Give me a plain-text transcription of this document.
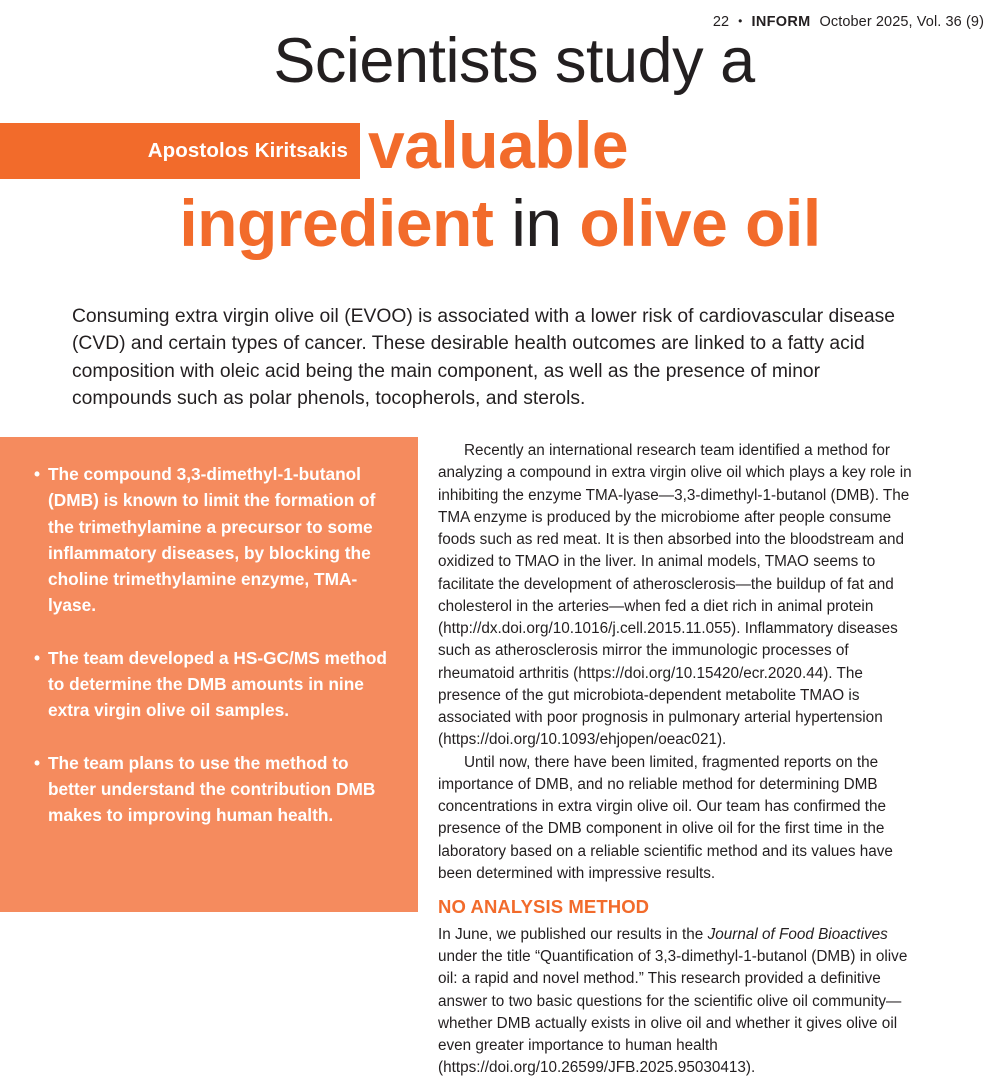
22 • INFORM October 2025, Vol. 36 (9)
Scientists study a
Apostolos Kiritsakis valuable
ingredient in olive oil
Consuming extra virgin olive oil (EVOO) is associated with a lower risk of cardiovascular disease (CVD) and certain types of cancer. These desirable health outcomes are linked to a fatty acid composition with oleic acid being the main component, as well as the presence of minor compounds such as polar phenols, tocopherols, and sterols.
• The compound 3,3-dimethyl-1-butanol (DMB) is known to limit the formation of the trimethylamine a precursor to some inflammatory diseases, by blocking the choline trimethylamine enzyme, TMA-lyase.
• The team developed a HS-GC/MS method to determine the DMB amounts in nine extra virgin olive oil samples.
• The team plans to use the method to better understand the contribution DMB makes to improving human health.

Recently an international research team identified a method for analyzing a compound in extra virgin olive oil which plays a key role in inhibiting the enzyme TMA-lyase—3,3-dimethyl-1-butanol (DMB). The TMA enzyme is produced by the microbiome after people consume foods such as red meat. It is then absorbed into the bloodstream and oxidized to TMAO in the liver. In animal models, TMAO seems to facilitate the development of atherosclerosis—the buildup of fat and cholesterol in the arteries—when fed a diet rich in animal protein (http://dx.doi.org/10.1016/j.cell.2015.11.055). Inflammatory diseases such as atherosclerosis mirror the immunologic processes of rheumatoid arthritis (https://doi.org/10.15420/ecr.2020.44). The presence of the gut microbiota-dependent metabolite TMAO is associated with poor prognosis in pulmonary arterial hypertension (https://doi.org/10.1093/ehjopen/oeac021).

Until now, there have been limited, fragmented reports on the importance of DMB, and no reliable method for determining DMB concentrations in extra virgin olive oil. Our team has confirmed the presence of the DMB component in olive oil for the first time in the laboratory based on a reliable scientific method and its values have been determined with impressive results.

NO ANALYSIS METHOD

In June, we published our results in the Journal of Food Bioactives under the title “Quantification of 3,3-dimethyl-1-butanol (DMB) in olive oil: a rapid and novel method.” This research provided a definitive answer to two basic questions for the scientific olive oil community—whether DMB actually exists in olive oil and whether it gives olive oil even greater importance to human health (https://doi.org/10.26599/JFB.2025.95030413).
